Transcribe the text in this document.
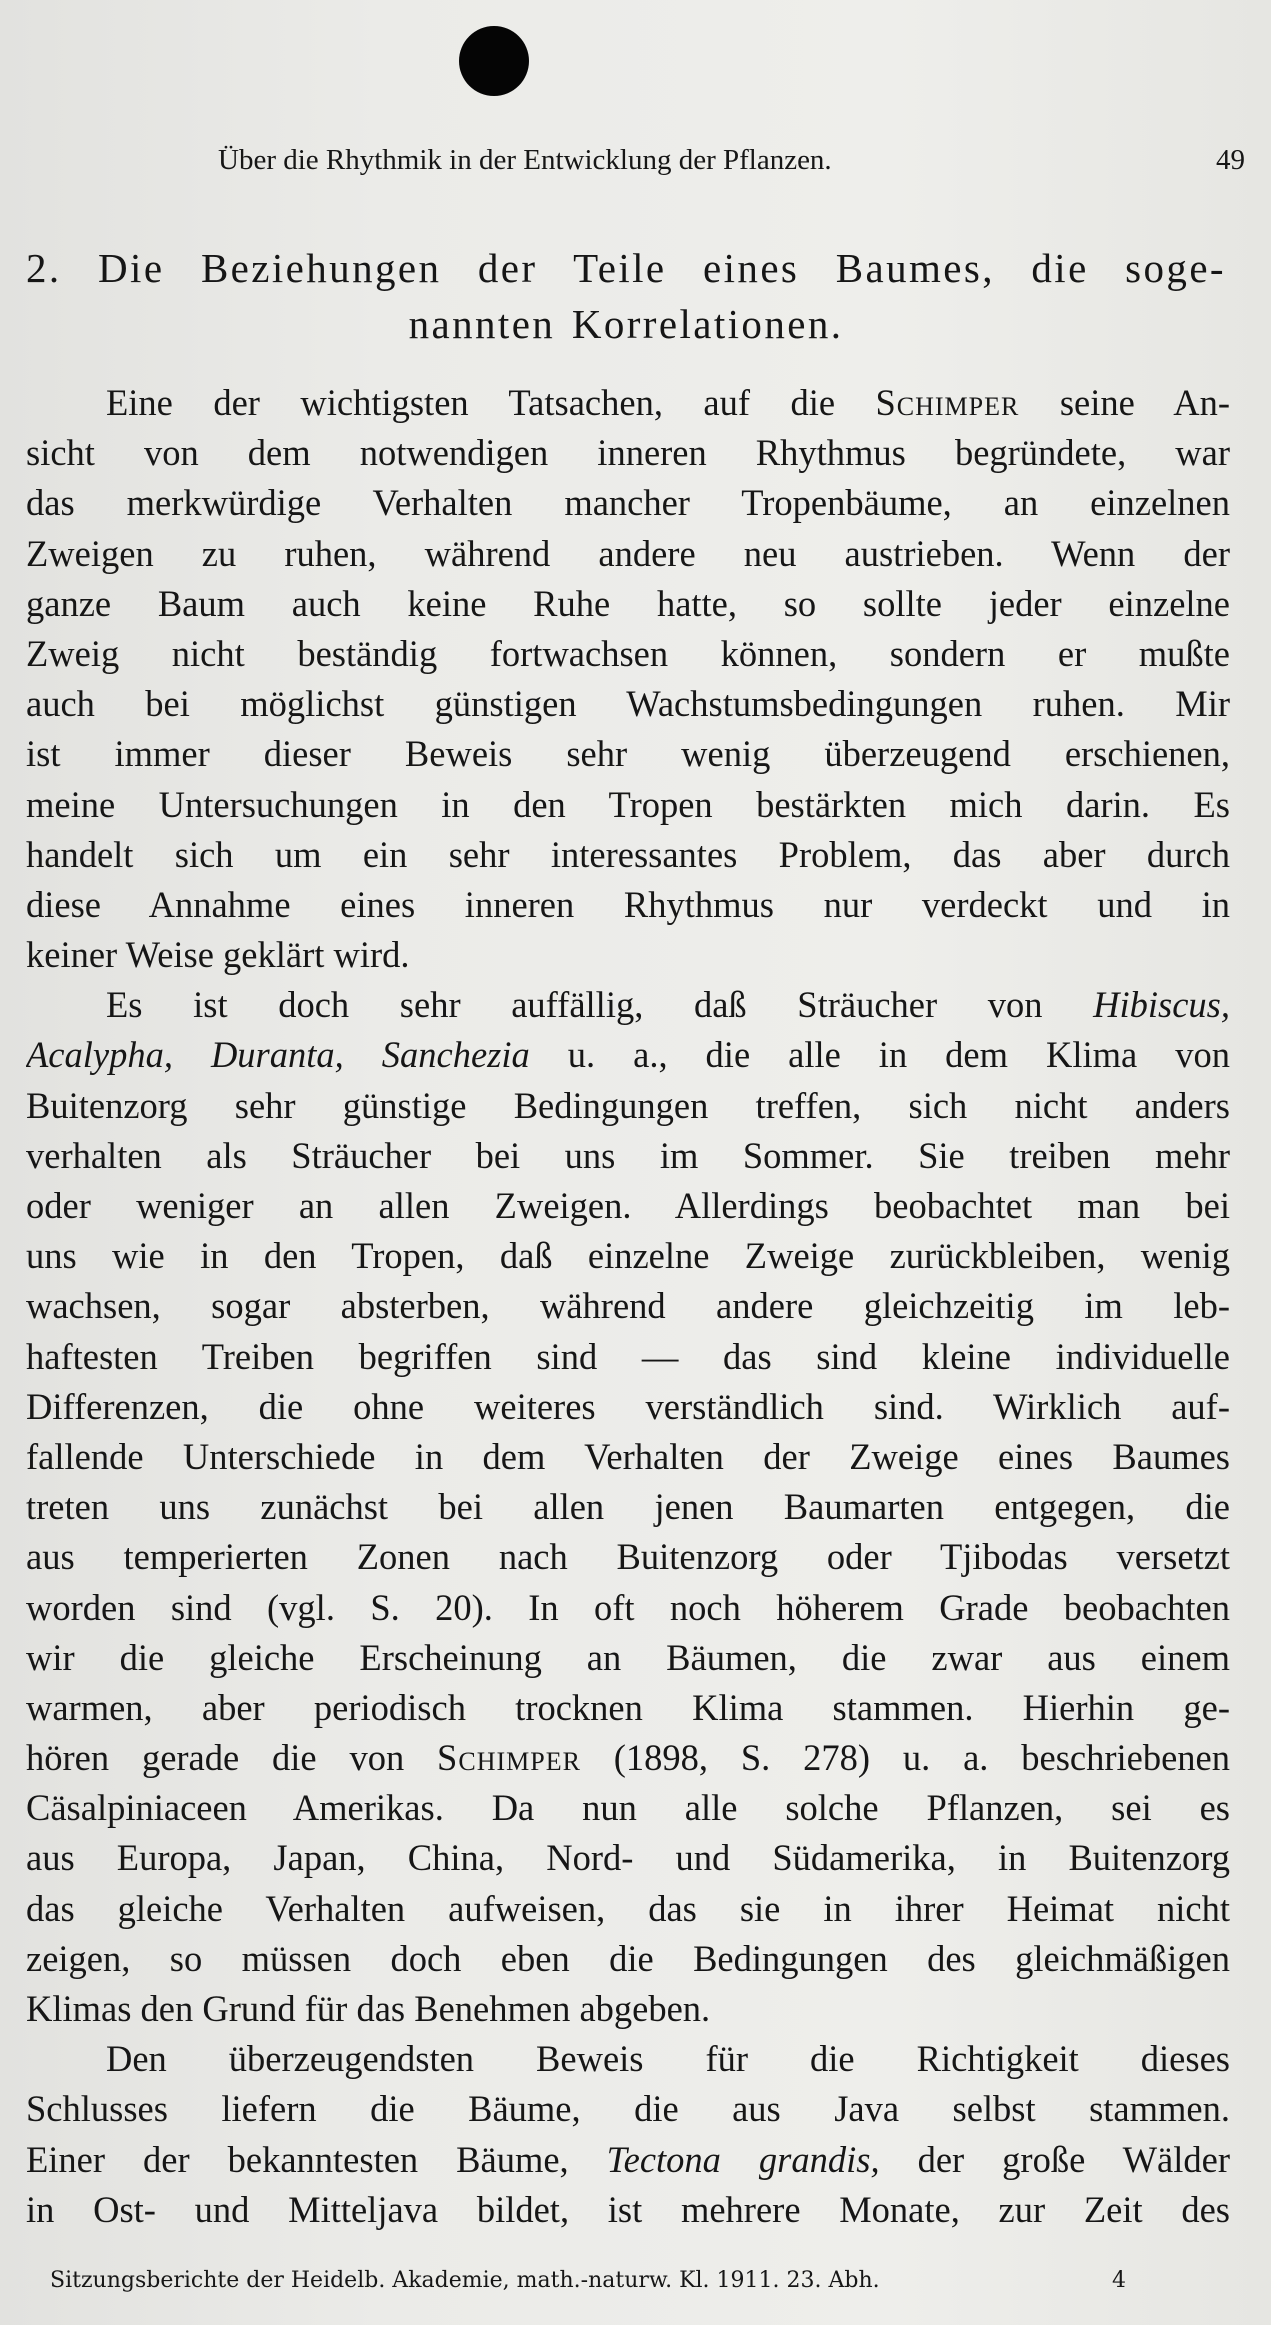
Über die Rhythmik in der Entwicklung der Pflanzen.	49
2. Die Beziehungen der Teile eines Baumes, die soge-
nannten Korrelationen.
Eine der wichtigsten Tatsachen, auf die Schimper seine An-
sicht von dem notwendigen inneren Rhythmus begründete, war
das merkwürdige Verhalten mancher Tropenbäume, an einzelnen
Zweigen zu ruhen, während andere neu austrieben. Wenn der
ganze Baum auch keine Ruhe hatte, so sollte jeder einzelne
Zweig nicht beständig fortwachsen können, sondern er mußte
auch bei möglichst günstigen Wachstumsbedingungen ruhen. Mir
ist immer dieser Beweis sehr wenig überzeugend erschienen,
meine Untersuchungen in den Tropen bestärkten mich darin. Es
handelt sich um ein sehr interessantes Problem, das aber durch
diese Annahme eines inneren Rhythmus nur verdeckt und in
keiner Weise geklärt wird.
Es ist doch sehr auffällig, daß Sträucher von Hibiscus,
Acalypha, Duranta, Sanchezia u. a., die alle in dem Klima von
Buitenzorg sehr günstige Bedingungen treffen, sich nicht anders
verhalten als Sträucher bei uns im Sommer. Sie treiben mehr
oder weniger an allen Zweigen. Allerdings beobachtet man bei
uns wie in den Tropen, daß einzelne Zweige zurückbleiben, wenig
wachsen, sogar absterben, während andere gleichzeitig im leb-
haftesten Treiben begriffen sind — das sind kleine individuelle
Differenzen, die ohne weiteres verständlich sind. Wirklich auf-
fallende Unterschiede in dem Verhalten der Zweige eines Baumes
treten uns zunächst bei allen jenen Baumarten entgegen, die
aus temperierten Zonen nach Buitenzorg oder Tjibodas versetzt
worden sind (vgl. S. 20). In oft noch höherem Grade beobachten
wir die gleiche Erscheinung an Bäumen, die zwar aus einem
warmen, aber periodisch trocknen Klima stammen. Hierhin ge-
hören gerade die von Schimper (1898, S. 278) u. a. beschriebenen
Cäsalpiniaceen Amerikas. Da nun alle solche Pflanzen, sei es
aus Europa, Japan, China, Nord- und Südamerika, in Buitenzorg
das gleiche Verhalten aufweisen, das sie in ihrer Heimat nicht
zeigen, so müssen doch eben die Bedingungen des gleichmäßigen
Klimas den Grund für das Benehmen abgeben.
Den überzeugendsten Beweis für die Richtigkeit dieses
Schlusses liefern die Bäume, die aus Java selbst stammen.
Einer der bekanntesten Bäume, Tectona grandis, der große Wälder
in Ost- und Mitteljava bildet, ist mehrere Monate, zur Zeit des
Sitzungsberichte der Heidelb. Akademie, math.-naturw. Kl. 1911. 23. Abh.	4
